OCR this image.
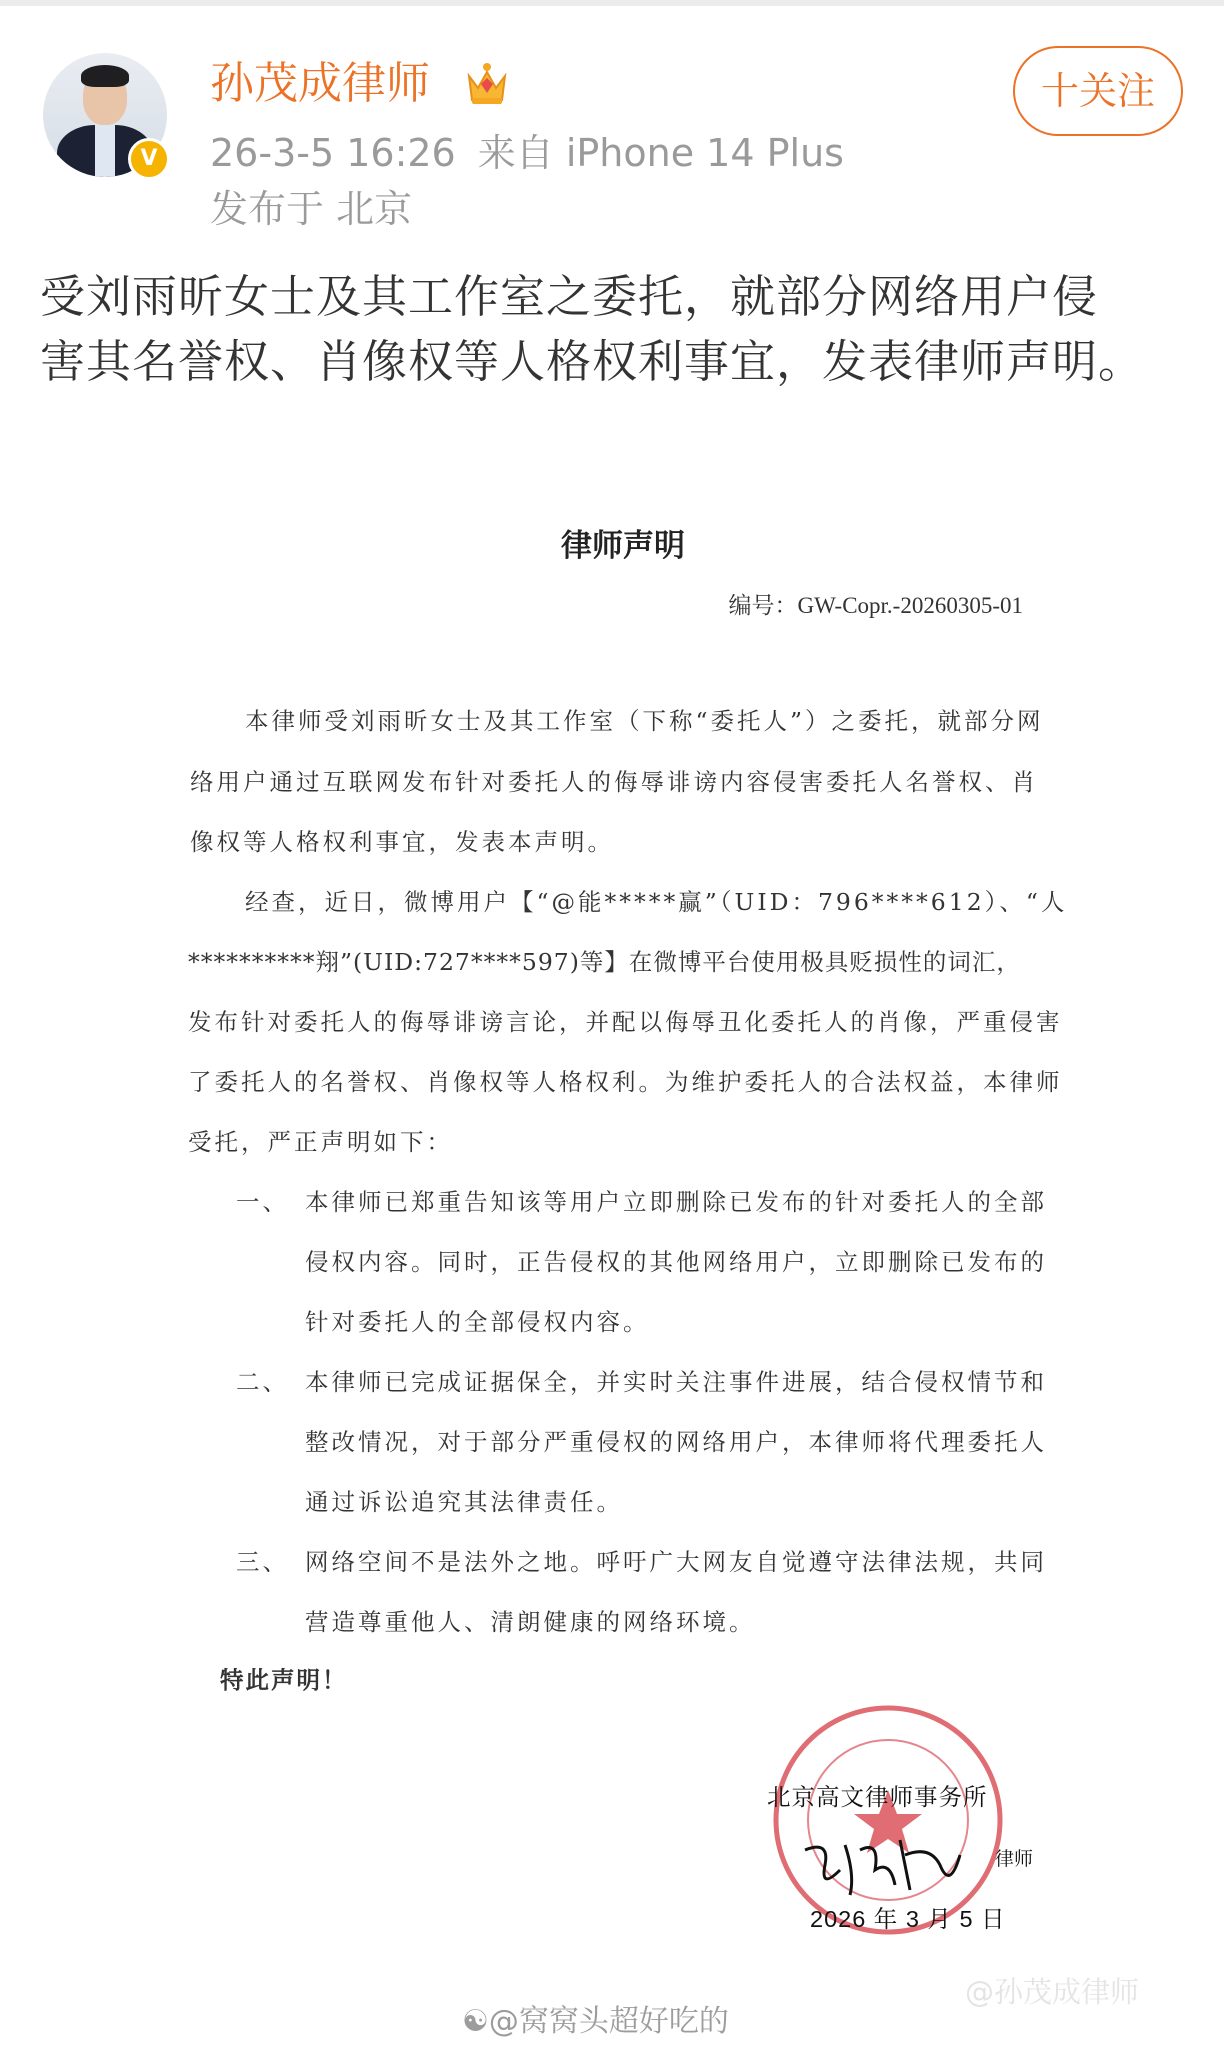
V
孙茂成律师	十关注
26-3-5 16:26 来自 iPhone 14 Plus
发布于 北京
受刘雨昕女士及其工作室之委托，就部分网络用户侵
害其名誉权、肖像权等人格权利事宜，发表律师声明。
律师声明
编号：GW-Copr.-20260305-01
本律师受刘雨昕女士及其工作室（下称“委托人”）之委托，就部分网
络用户通过互联网发布针对委托人的侮辱诽谤内容侵害委托人名誉权、肖
像权等人格权利事宜，发表本声明。
经查，近日，微博用户【“@能*****赢”（UID：796****612）、“人
**********翔”(UID:727****597)等】在微博平台使用极具贬损性的词汇，
发布针对委托人的侮辱诽谤言论，并配以侮辱丑化委托人的肖像，严重侵害
了委托人的名誉权、肖像权等人格权利。为维护委托人的合法权益，本律师
受托，严正声明如下：
一、 本律师已郑重告知该等用户立即删除已发布的针对委托人的全部
侵权内容。同时，正告侵权的其他网络用户，立即删除已发布的
针对委托人的全部侵权内容。
二、 本律师已完成证据保全，并实时关注事件进展，结合侵权情节和
整改情况，对于部分严重侵权的网络用户，本律师将代理委托人
通过诉讼追究其法律责任。
三、 网络空间不是法外之地。呼吁广大网友自觉遵守法律法规，共同
营造尊重他人、清朗健康的网络环境。
特此声明！
北京高文律师事务所
律师
2026 年 3 月 5 日
@孙茂成律师
☯@窝窝头超好吃的
